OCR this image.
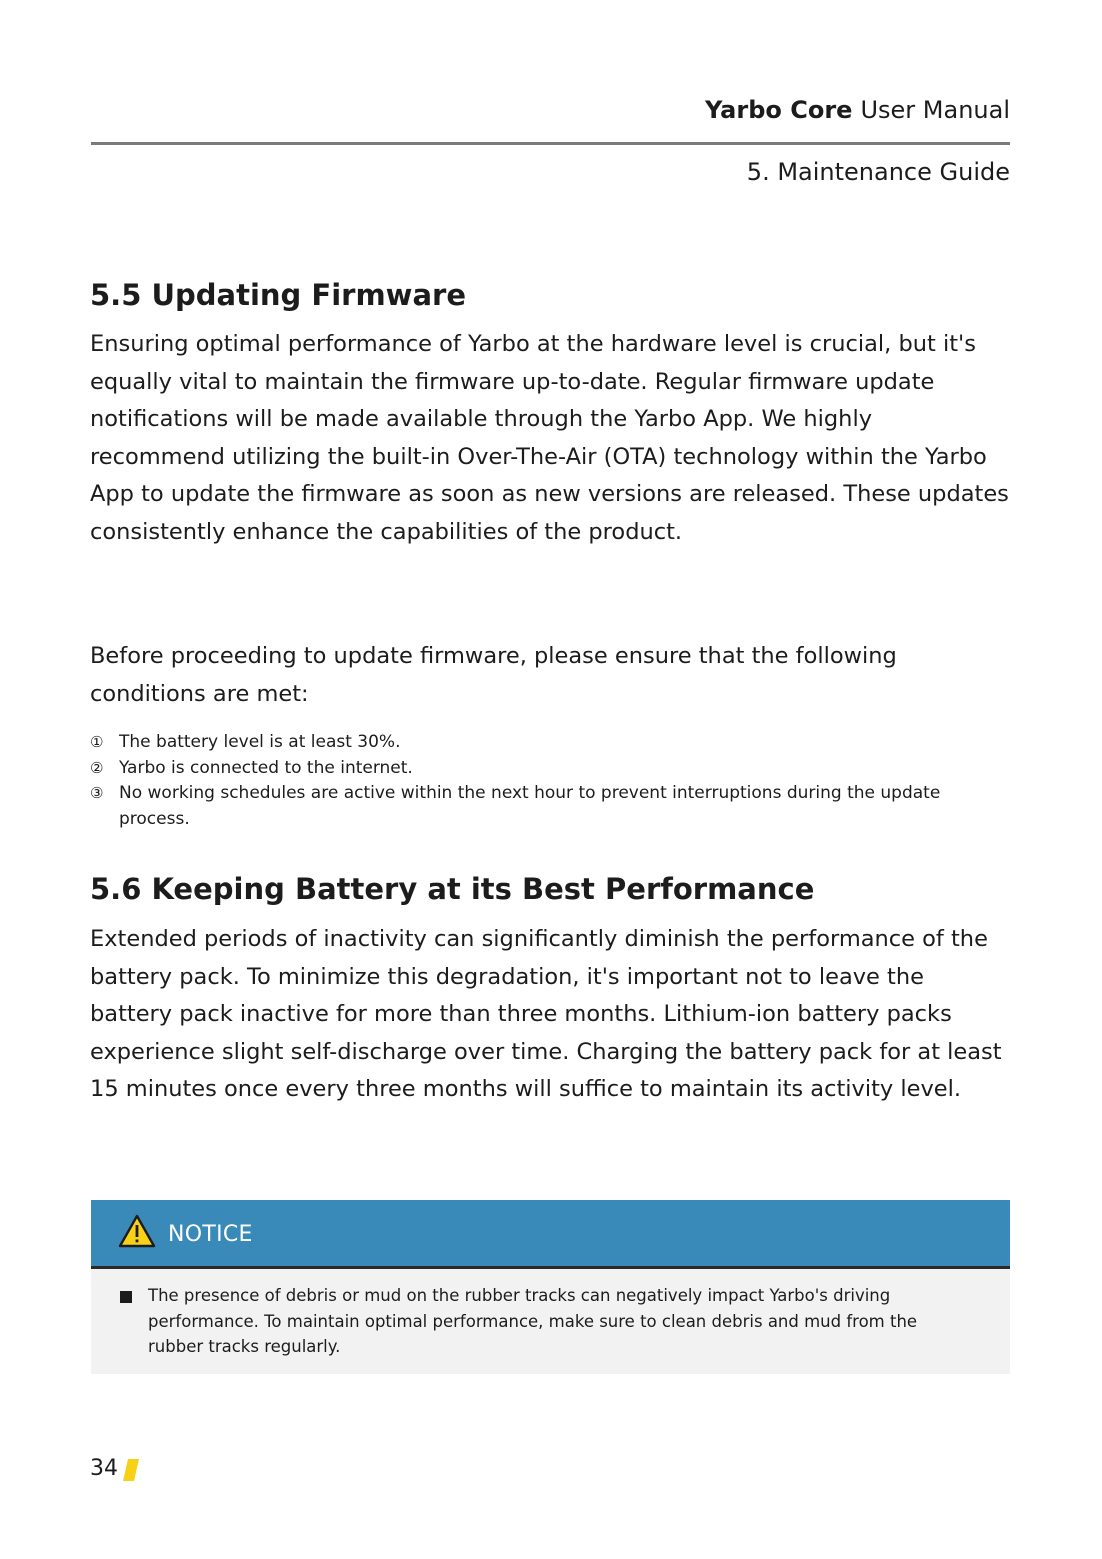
Yarbo Core User Manual
5. Maintenance Guide
5.5 Updating Firmware

Ensuring optimal performance of Yarbo at the hardware level is crucial, but it's equally vital to maintain the firmware up-to-date. Regular firmware update notifications will be made available through the Yarbo App. We highly recommend utilizing the built-in Over-The-Air (OTA) technology within the Yarbo App to update the firmware as soon as new versions are released. These updates consistently enhance the capabilities of the product.

Before proceeding to update firmware, please ensure that the following conditions are met:

① The battery level is at least 30%.
② Yarbo is connected to the internet.
③ No working schedules are active within the next hour to prevent interruptions during the update process.
5.6 Keeping Battery at its Best Performance

Extended periods of inactivity can significantly diminish the performance of the battery pack. To minimize this degradation, it's important not to leave the battery pack inactive for more than three months. Lithium-ion battery packs experience slight self-discharge over time. Charging the battery pack for at least 15 minutes once every three months will suffice to maintain its activity level.

NOTICE

The presence of debris or mud on the rubber tracks can negatively impact Yarbo's driving performance. To maintain optimal performance, make sure to clean debris and mud from the rubber tracks regularly.

34
